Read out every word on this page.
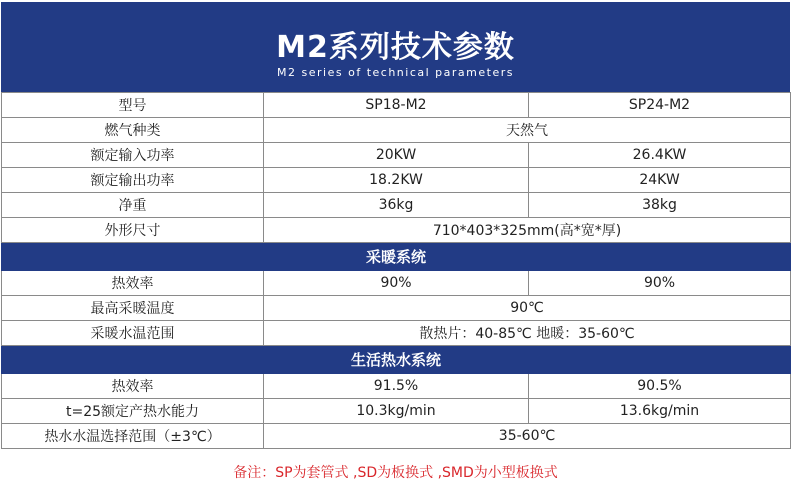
M2系列技术参数
M2 series of technical parameters
型号	SP18-M2	SP24-M2
燃气种类	天然气	
额定输入功率	20KW	26.4KW
额定输出功率	18.2KW	24KW
净重	36kg	38kg
外形尺寸	710*403*325mm(高*宽*厚)	
采暖系统		
热效率	90%	90%
最高采暖温度	90℃	
采暖水温范围	散热片：40-85℃ 地暖：35-60℃	
生活热水系统		
热效率	91.5%	90.5%
t=25额定产热水能力	10.3kg/min	13.6kg/min
热水水温选择范围（±3℃）	35-60℃	
备注：SP为套管式 ,SD为板换式 ,SMD为小型板换式
